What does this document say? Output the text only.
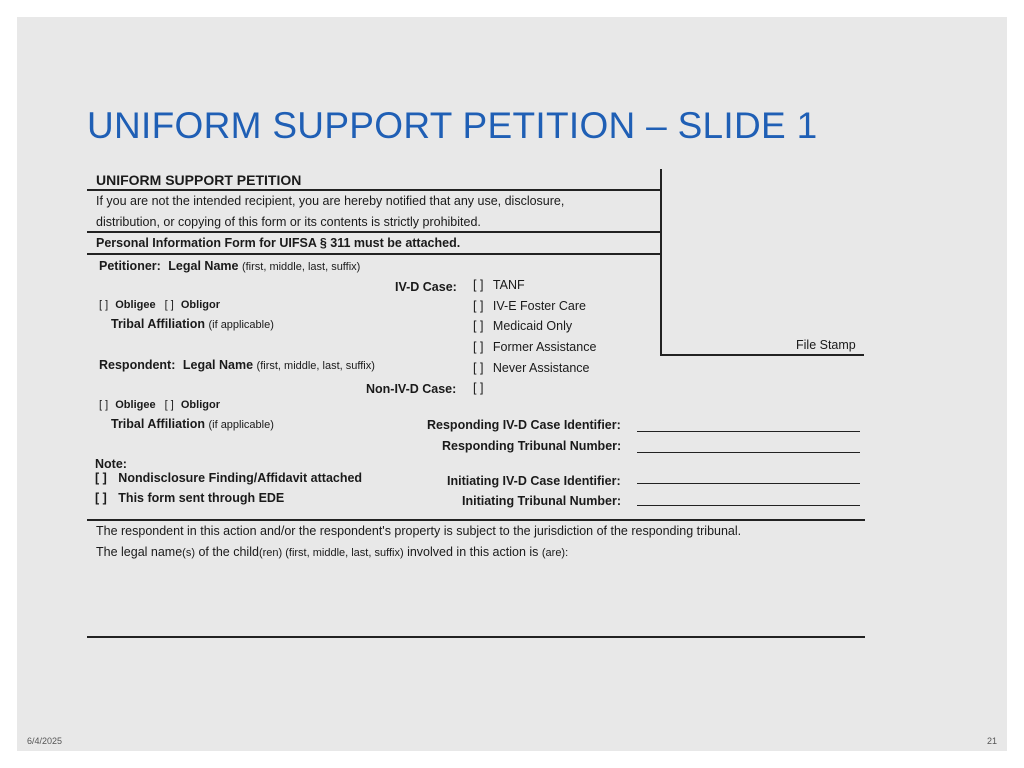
UNIFORM SUPPORT PETITION – SLIDE 1
UNIFORM SUPPORT PETITION
If you are not the intended recipient, you are hereby notified that any use, disclosure,
distribution, or copying of this form or its contents is strictly prohibited.
Personal Information Form for UIFSA § 311 must be attached.
File Stamp
Petitioner: Legal Name (first, middle, last, suffix)
[ ] Obligee [ ] Obligor
Tribal Affiliation (if applicable)
Respondent: Legal Name (first, middle, last, suffix)
[ ] Obligee [ ] Obligor
Tribal Affiliation (if applicable)
IV-D Case: [ ] TANF
[ ] IV-E Foster Care
[ ] Medicaid Only
[ ] Former Assistance
[ ] Never Assistance
Non-IV-D Case: [ ]
Responding IV-D Case Identifier:
Responding Tribunal Number:
Initiating IV-D Case Identifier:
Initiating Tribunal Number:
Note:
[ ] Nondisclosure Finding/Affidavit attached
[ ] This form sent through EDE
The respondent in this action and/or the respondent's property is subject to the jurisdiction of the responding tribunal.
The legal name(s) of the child(ren) (first, middle, last, suffix) involved in this action is (are):
6/4/2025	21
